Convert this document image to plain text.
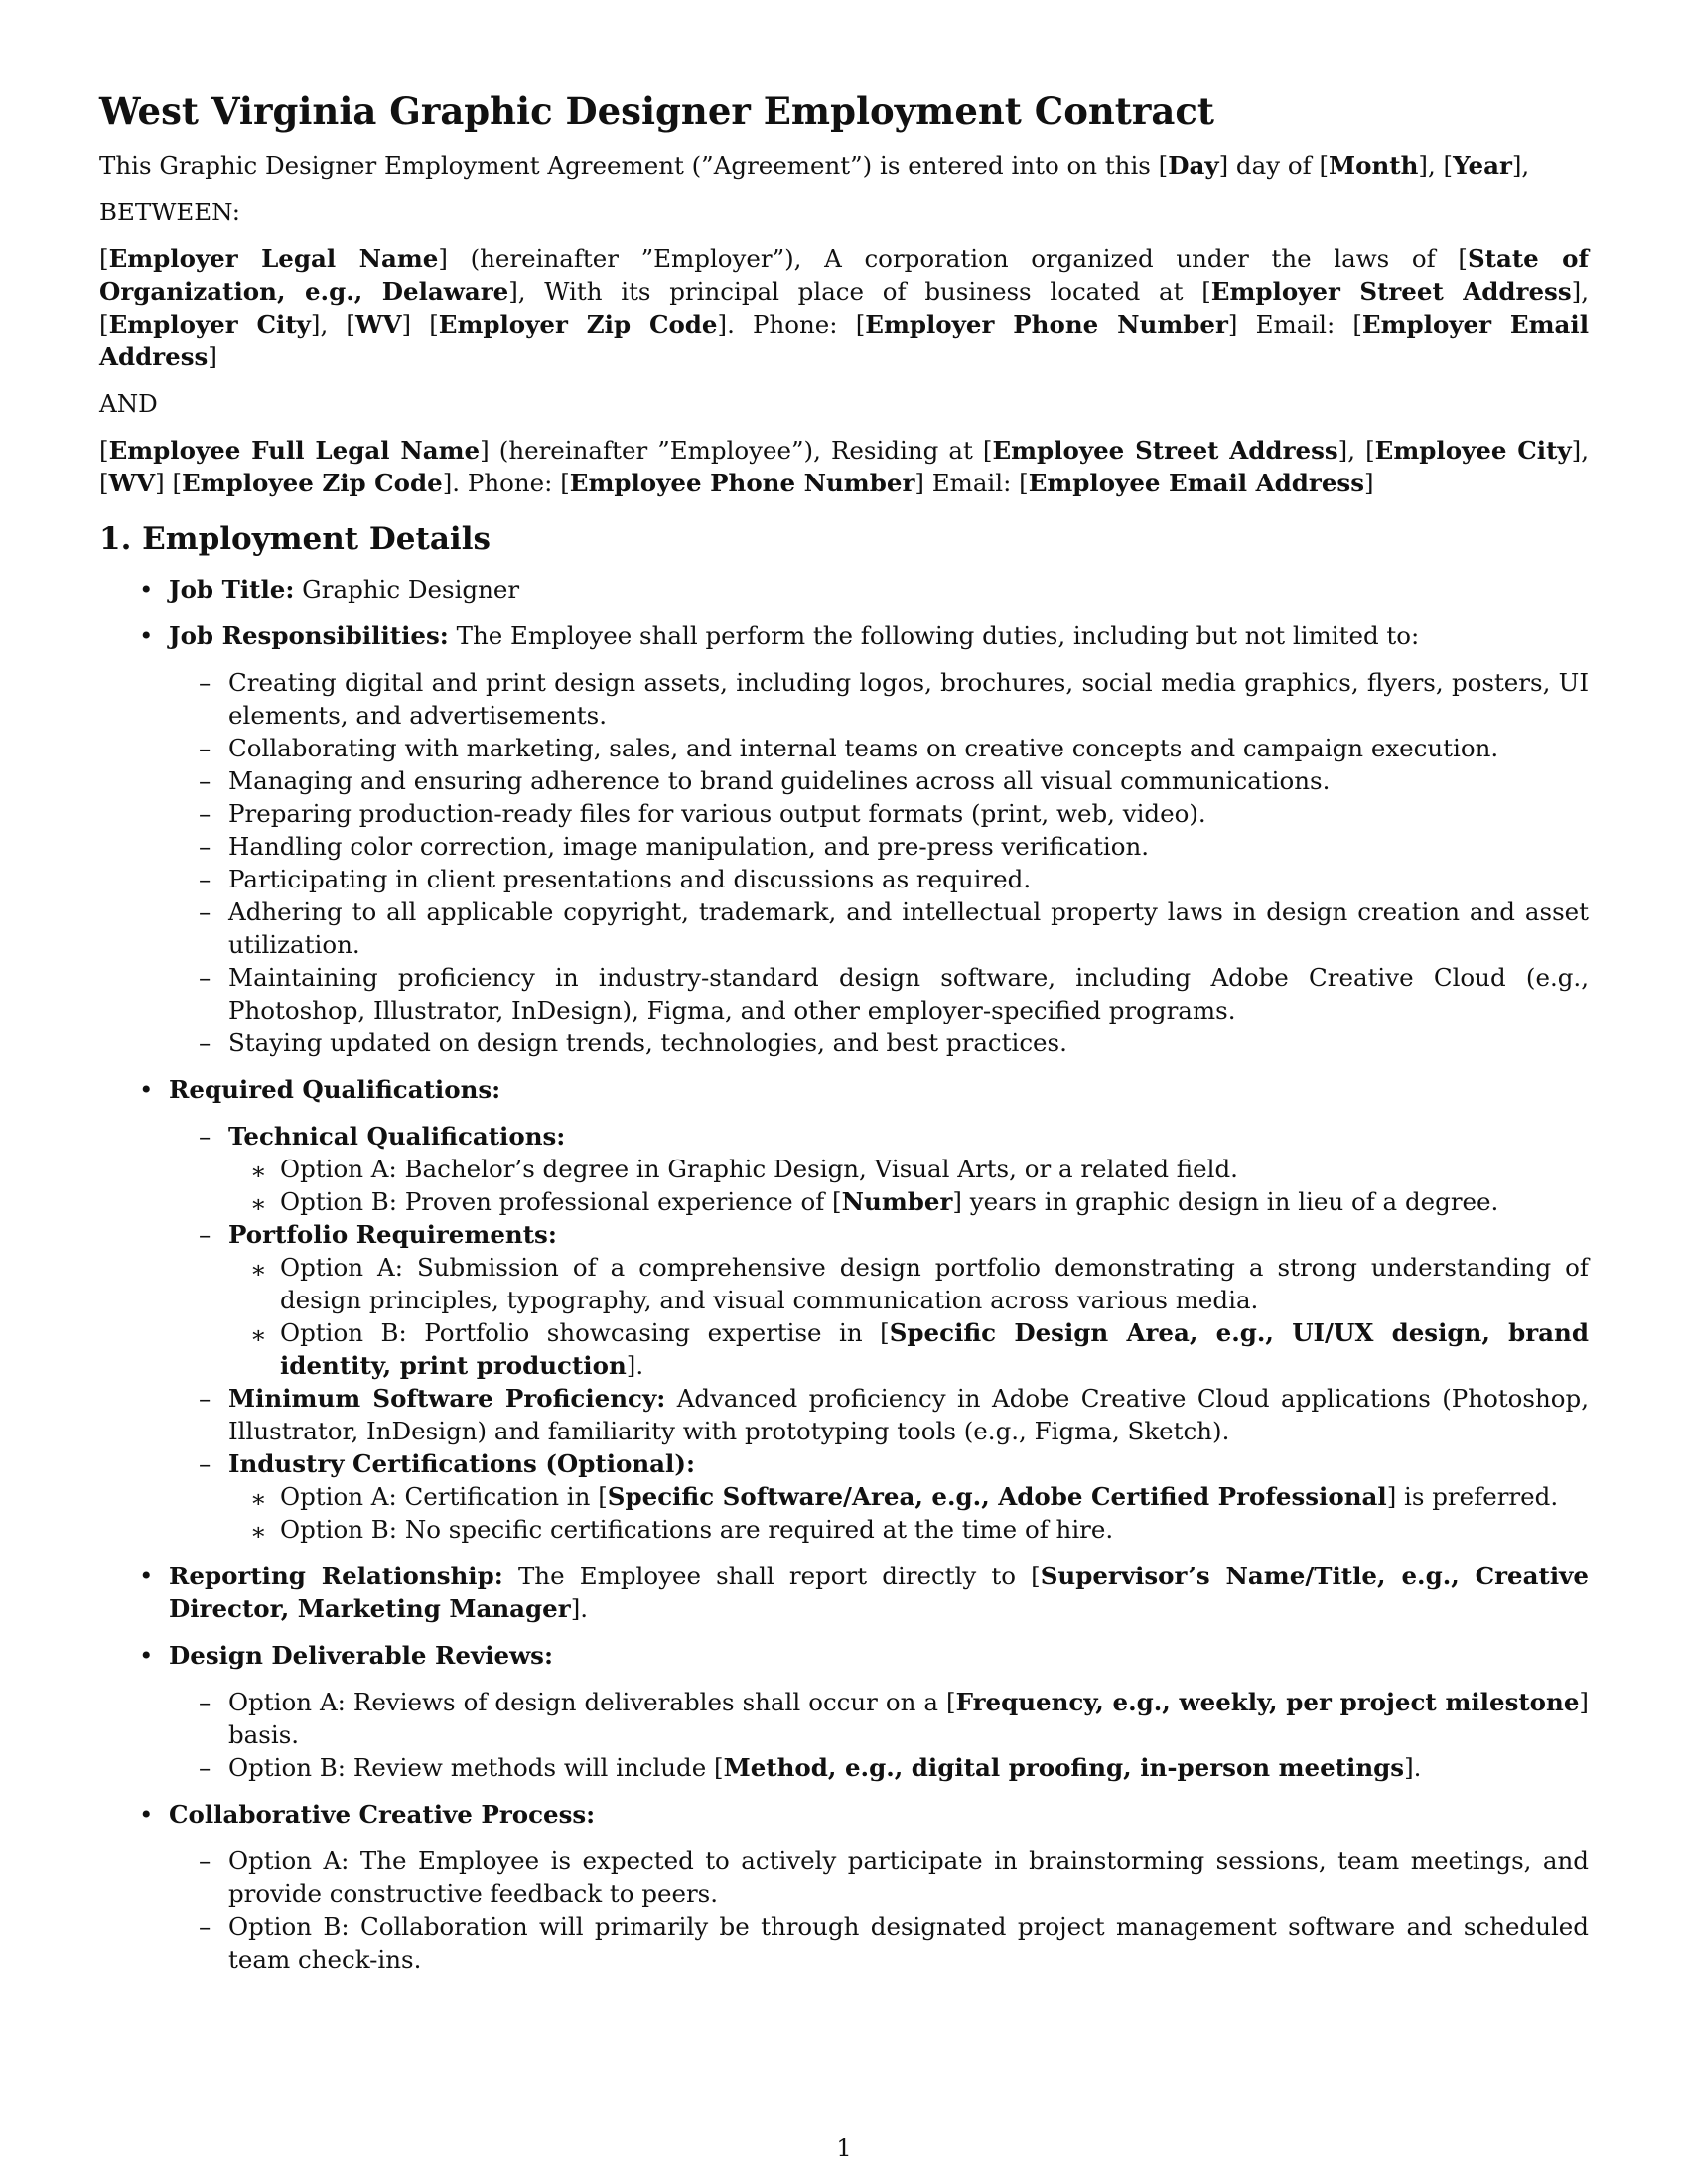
West Virginia Graphic Designer Employment Contract

This Graphic Designer Employment Agreement (”Agreement”) is entered into on this [Day] day of [Month], [Year],

BETWEEN:

[Employer Legal Name] (hereinafter ”Employer”), A corporation organized under the laws of [State of Organization, e.g., Delaware], With its principal place of business located at [Employer Street Address], [Employer City], [WV] [Employer Zip Code]. Phone: [Employer Phone Number] Email: [Employer Email Address]

AND

[Employee Full Legal Name] (hereinafter ”Employee”), Residing at [Employee Street Address], [Employee City], [WV] [Employee Zip Code]. Phone: [Employee Phone Number] Email: [Employee Email Address]

1. Employment Details
• Job Title: Graphic Designer
• Job Responsibilities: The Employee shall perform the following duties, including but not limited to:
– Creating digital and print design assets, including logos, brochures, social media graphics, flyers, posters, UI elements, and advertisements.
– Collaborating with marketing, sales, and internal teams on creative concepts and campaign execution.
– Managing and ensuring adherence to brand guidelines across all visual communications.
– Preparing production-ready files for various output formats (print, web, video).
– Handling color correction, image manipulation, and pre-press verification.
– Participating in client presentations and discussions as required.
– Adhering to all applicable copyright, trademark, and intellectual property laws in design creation and asset utilization.
– Maintaining proficiency in industry-standard design software, including Adobe Creative Cloud (e.g., Photoshop, Illustrator, InDesign), Figma, and other employer-specified programs.
– Staying updated on design trends, technologies, and best practices.
• Required Qualifications:
– Technical Qualifications:
∗ Option A: Bachelor’s degree in Graphic Design, Visual Arts, or a related field.
∗ Option B: Proven professional experience of [Number] years in graphic design in lieu of a degree.
– Portfolio Requirements:
∗ Option A: Submission of a comprehensive design portfolio demonstrating a strong understanding of design principles, typography, and visual communication across various media.
∗ Option B: Portfolio showcasing expertise in [Specific Design Area, e.g., UI/UX design, brand identity, print production].
– Minimum Software Proficiency: Advanced proficiency in Adobe Creative Cloud applications (Photoshop, Illustrator, InDesign) and familiarity with prototyping tools (e.g., Figma, Sketch).
– Industry Certifications (Optional):
∗ Option A: Certification in [Specific Software/Area, e.g., Adobe Certified Professional] is preferred.
∗ Option B: No specific certifications are required at the time of hire.
• Reporting Relationship: The Employee shall report directly to [Supervisor’s Name/Title, e.g., Creative Director, Marketing Manager].
• Design Deliverable Reviews:
– Option A: Reviews of design deliverables shall occur on a [Frequency, e.g., weekly, per project milestone] basis.
– Option B: Review methods will include [Method, e.g., digital proofing, in-person meetings].
• Collaborative Creative Process:
– Option A: The Employee is expected to actively participate in brainstorming sessions, team meetings, and provide constructive feedback to peers.
– Option B: Collaboration will primarily be through designated project management software and scheduled team check-ins.
1
